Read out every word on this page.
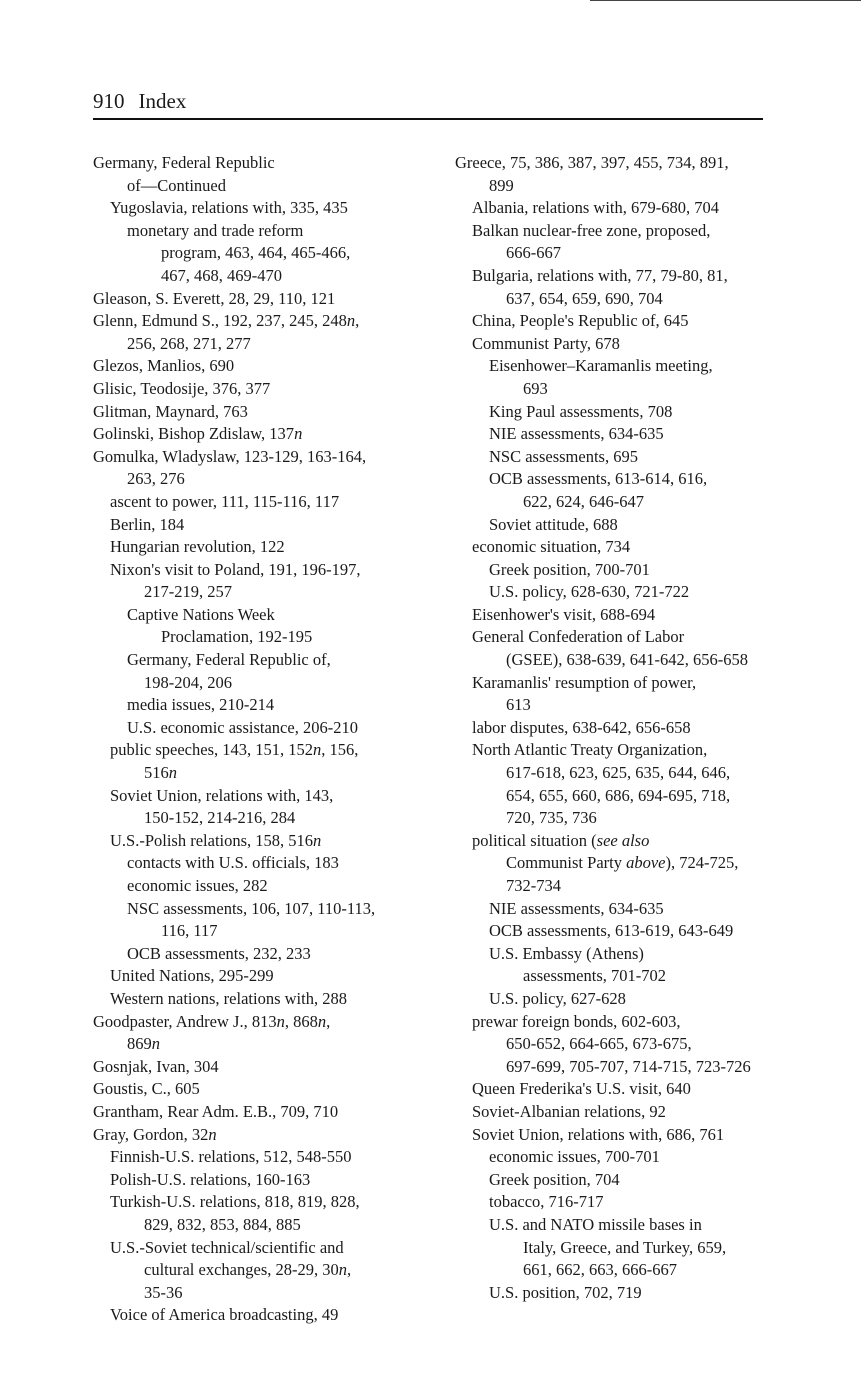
910 Index
Germany, Federal Republic
of—Continued
Yugoslavia, relations with, 335, 435
monetary and trade reform
program, 463, 464, 465-466,
467, 468, 469-470
Gleason, S. Everett, 28, 29, 110, 121
Glenn, Edmund S., 192, 237, 245, 248n,
256, 268, 271, 277
Glezos, Manlios, 690
Glisic, Teodosije, 376, 377
Glitman, Maynard, 763
Golinski, Bishop Zdislaw, 137n
Gomulka, Wladyslaw, 123-129, 163-164,
263, 276
ascent to power, 111, 115-116, 117
Berlin, 184
Hungarian revolution, 122
Nixon's visit to Poland, 191, 196-197,
217-219, 257
Captive Nations Week
Proclamation, 192-195
Germany, Federal Republic of,
198-204, 206
media issues, 210-214
U.S. economic assistance, 206-210
public speeches, 143, 151, 152n, 156,
516n
Soviet Union, relations with, 143,
150-152, 214-216, 284
U.S.-Polish relations, 158, 516n
contacts with U.S. officials, 183
economic issues, 282
NSC assessments, 106, 107, 110-113,
116, 117
OCB assessments, 232, 233
United Nations, 295-299
Western nations, relations with, 288
Goodpaster, Andrew J., 813n, 868n,
869n
Gosnjak, Ivan, 304
Goustis, C., 605
Grantham, Rear Adm. E.B., 709, 710
Gray, Gordon, 32n
Finnish-U.S. relations, 512, 548-550
Polish-U.S. relations, 160-163
Turkish-U.S. relations, 818, 819, 828,
829, 832, 853, 884, 885
U.S.-Soviet technical/scientific and
cultural exchanges, 28-29, 30n,
35-36
Voice of America broadcasting, 49
Greece, 75, 386, 387, 397, 455, 734, 891,
899
Albania, relations with, 679-680, 704
Balkan nuclear-free zone, proposed,
666-667
Bulgaria, relations with, 77, 79-80, 81,
637, 654, 659, 690, 704
China, People's Republic of, 645
Communist Party, 678
Eisenhower–Karamanlis meeting,
693
King Paul assessments, 708
NIE assessments, 634-635
NSC assessments, 695
OCB assessments, 613-614, 616,
622, 624, 646-647
Soviet attitude, 688
economic situation, 734
Greek position, 700-701
U.S. policy, 628-630, 721-722
Eisenhower's visit, 688-694
General Confederation of Labor
(GSEE), 638-639, 641-642, 656-658
Karamanlis' resumption of power,
613
labor disputes, 638-642, 656-658
North Atlantic Treaty Organization,
617-618, 623, 625, 635, 644, 646,
654, 655, 660, 686, 694-695, 718,
720, 735, 736
political situation (see also
Communist Party above), 724-725,
732-734
NIE assessments, 634-635
OCB assessments, 613-619, 643-649
U.S. Embassy (Athens)
assessments, 701-702
U.S. policy, 627-628
prewar foreign bonds, 602-603,
650-652, 664-665, 673-675,
697-699, 705-707, 714-715, 723-726
Queen Frederika's U.S. visit, 640
Soviet-Albanian relations, 92
Soviet Union, relations with, 686, 761
economic issues, 700-701
Greek position, 704
tobacco, 716-717
U.S. and NATO missile bases in
Italy, Greece, and Turkey, 659,
661, 662, 663, 666-667
U.S. position, 702, 719
